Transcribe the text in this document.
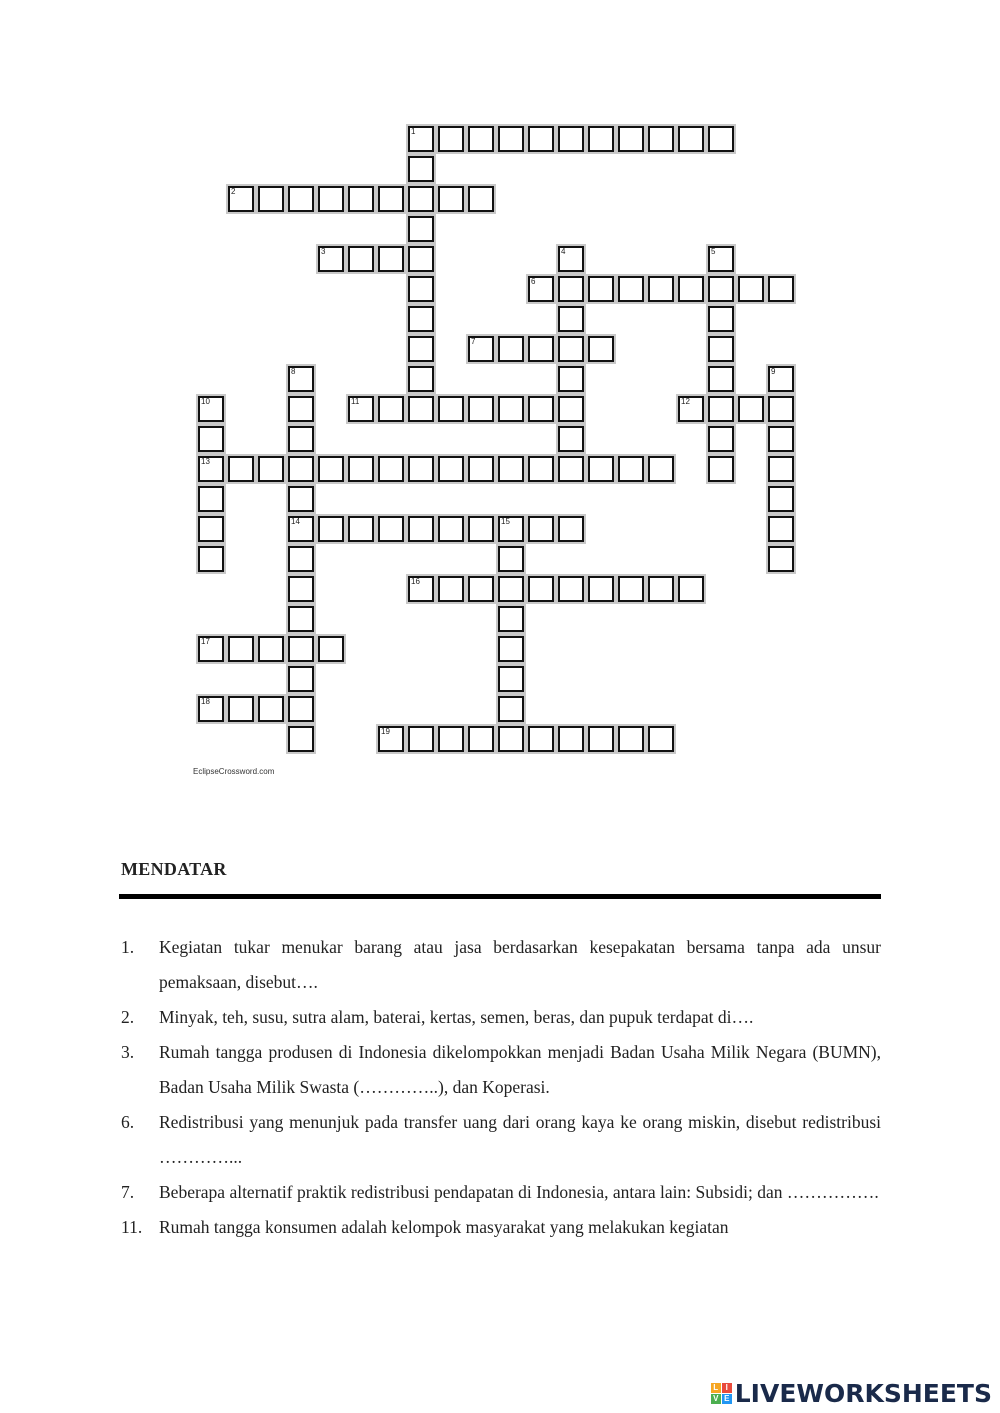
1
2
3	4	5
6
7
8
14
9
10
13
11	12
15
16
17
18
19
EclipseCrossword.com
MENDATAR
1. Kegiatan tukar menukar barang atau jasa berdasarkan kesepakatan bersama tanpa ada unsur pemaksaan, disebut….
2. Minyak, teh, susu, sutra alam, baterai, kertas, semen, beras, dan pupuk terdapat di….
3. Rumah tangga produsen di Indonesia dikelompokkan menjadi Badan Usaha Milik Negara (BUMN), Badan Usaha Milik Swasta (…………..), dan Koperasi.
6. Redistribusi yang menunjuk pada transfer uang dari orang kaya ke orang miskin, disebut redistribusi …………...
7. Beberapa alternatif praktik redistribusi pendapatan di Indonesia, antara lain: Subsidi; dan …………….
11. Rumah tangga konsumen adalah kelompok masyarakat yang melakukan kegiatan
L I
V E LIVEWORKSHEETS
